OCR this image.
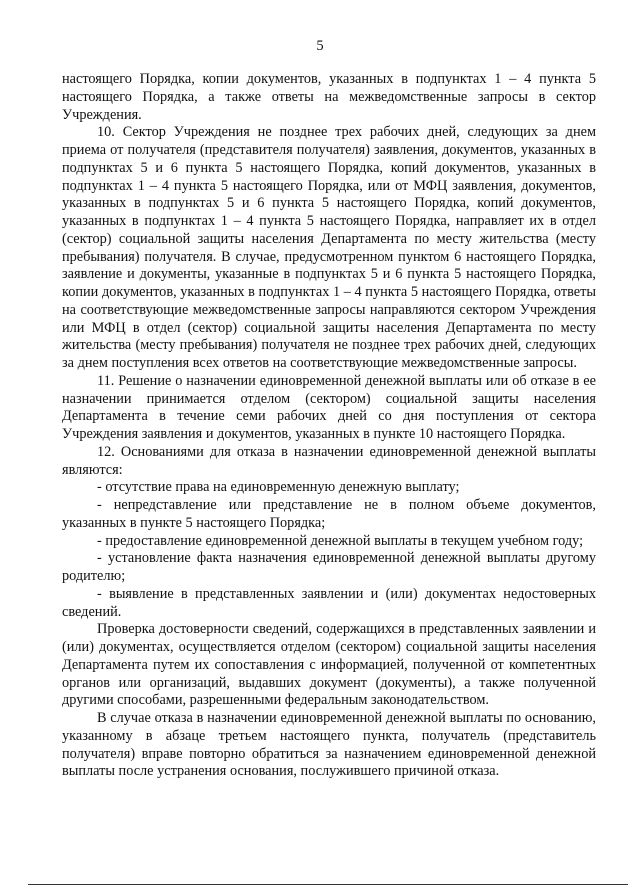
5

настоящего Порядка, копии документов, указанных в подпунктах 1 – 4 пункта 5 настоящего Порядка, а также ответы на межведомственные запросы в сектор Учреждения.

10. Сектор Учреждения не позднее трех рабочих дней, следующих за днем приема от получателя (представителя получателя) заявления, документов, указанных в подпунктах 5 и 6 пункта 5 настоящего Порядка, копий документов, указанных в подпунктах 1 – 4 пункта 5 настоящего Порядка, или от МФЦ заявления, документов, указанных в подпунктах 5 и 6 пункта 5 настоящего Порядка, копий документов, указанных в подпунктах 1 – 4 пункта 5 настоящего Порядка, направляет их в отдел (сектор) социальной защиты населения Департамента по месту жительства (месту пребывания) получателя. В случае, предусмотренном пунктом 6 настоящего Порядка, заявление и документы, указанные в подпунктах 5 и 6 пункта 5 настоящего Порядка, копии документов, указанных в подпунктах 1 – 4 пункта 5 настоящего Порядка, ответы на соответствующие межведомственные запросы направляются сектором Учреждения или МФЦ в отдел (сектор) социальной защиты населения Департамента по месту жительства (месту пребывания) получателя не позднее трех рабочих дней, следующих за днем поступления всех ответов на соответствующие межведомственные запросы.

11. Решение о назначении единовременной денежной выплаты или об отказе в ее назначении принимается отделом (сектором) социальной защиты населения Департамента в течение семи рабочих дней со дня поступления от сектора Учреждения заявления и документов, указанных в пункте 10 настоящего Порядка.

12. Основаниями для отказа в назначении единовременной денежной выплаты являются:

- отсутствие права на единовременную денежную выплату;

- непредставление или представление не в полном объеме документов, указанных в пункте 5 настоящего Порядка;

- предоставление единовременной денежной выплаты в текущем учебном году;

- установление факта назначения единовременной денежной выплаты другому родителю;

- выявление в представленных заявлении и (или) документах недостоверных сведений.

Проверка достоверности сведений, содержащихся в представленных заявлении и (или) документах, осуществляется отделом (сектором) социальной защиты населения Департамента путем их сопоставления с информацией, полученной от компетентных органов или организаций, выдавших документ (документы), а также полученной другими способами, разрешенными федеральным законодательством.

В случае отказа в назначении единовременной денежной выплаты по основанию, указанному в абзаце третьем настоящего пункта, получатель (представитель получателя) вправе повторно обратиться за назначением единовременной денежной выплаты после устранения основания, послужившего причиной отказа.
